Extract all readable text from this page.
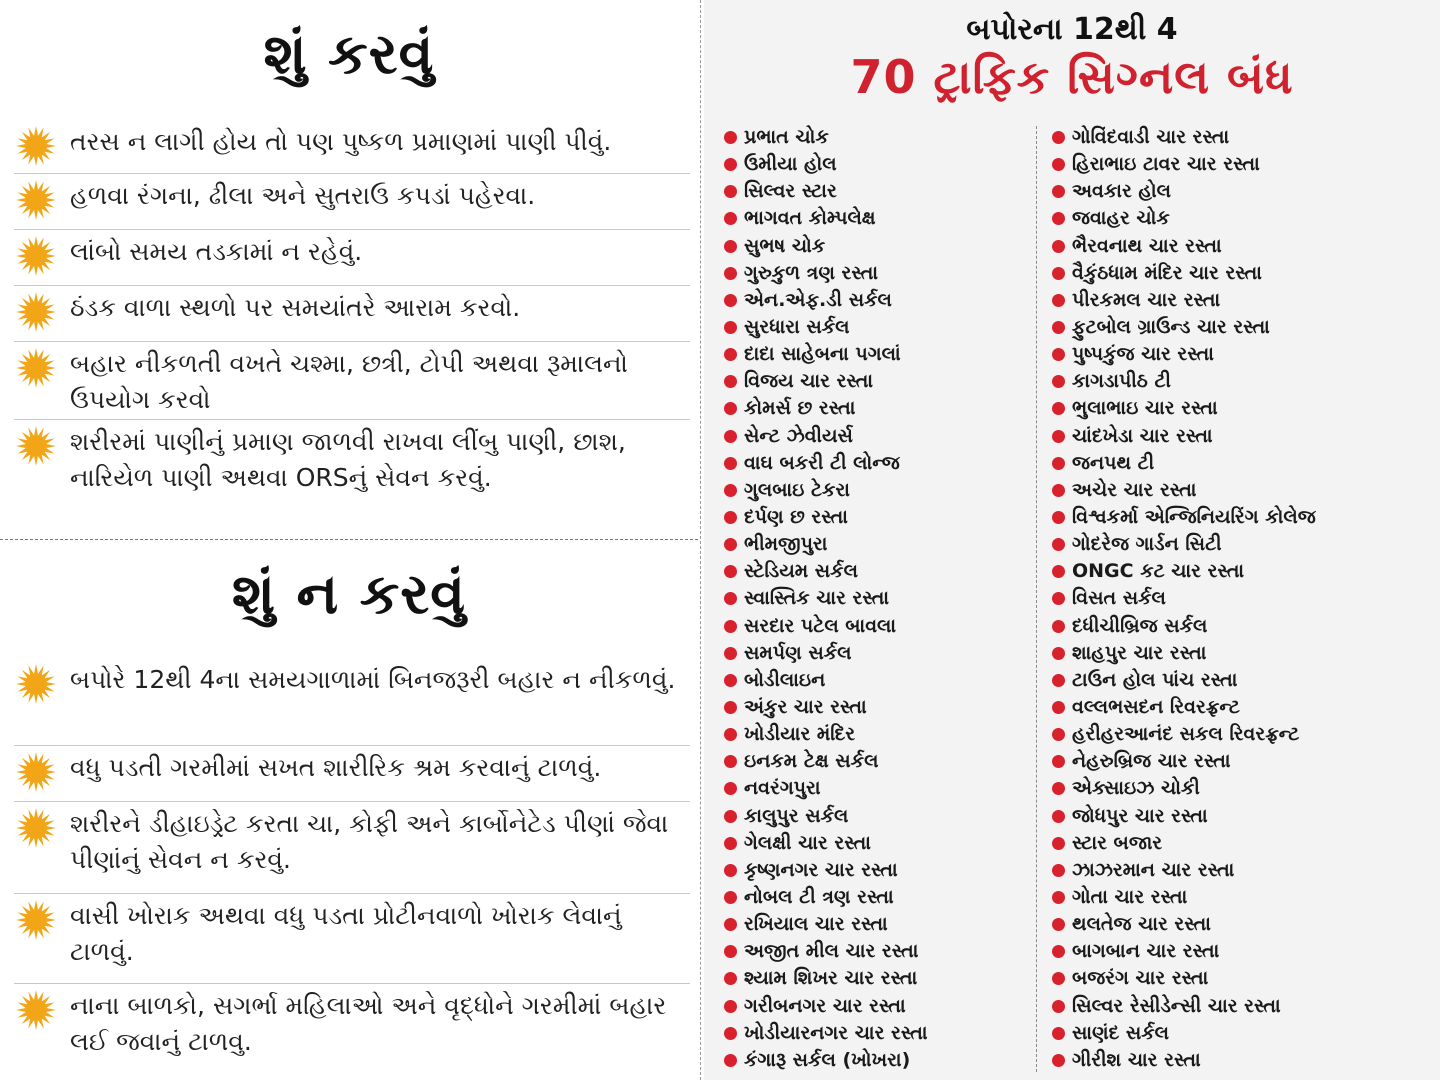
શું કરવું
તરસ ન લાગી હોય તો પણ પુષ્કળ પ્રમાણમાં પાણી પીવું.
હળવા રંગના, ઢીલા અને સુતરાઉ કપડાં પહેરવા.
લાંબો સમય તડકામાં ન રહેવું.
ઠંડક વાળા સ્થળો પર સમયાંતરે આરામ કરવો.
બહાર નીકળતી વખતે ચશ્મા, છત્રી, ટોપી અથવા રૂમાલનો ઉપયોગ કરવો
શરીરમાં પાણીનું પ્રમાણ જાળવી રાખવા લીંબુ પાણી, છાશ, નારિયેળ પાણી અથવા ORSનું સેવન કરવું.
શું ન કરવું
બપોરે 12થી 4ના સમયગાળામાં બિનજરૂરી બહાર ન નીકળવું.
વધુ પડતી ગરમીમાં સખત શારીરિક શ્રમ કરવાનું ટાળવું.
શરીરને ડીહાઇડ્રેટ કરતા ચા, કોફી અને કાર્બોનેટેડ પીણાં જેવા પીણાંનું સેવન ન કરવું.
વાસી ખોરાક અથવા વધુ પડતા પ્રોટીનવાળો ખોરાક લેવાનું ટાળવું.
નાના બાળકો, સગર્ભા મહિલાઓ અને વૃદ્ધોને ગરમીમાં બહાર લઈ જવાનું ટાળવુ.
બપોરના 12થી 4
70 ટ્રાફિક સિગ્નલ બંધ
પ્રભાત ચોક
ઉમીયા હોલ
સિલ્વર સ્ટાર
ભાગવત કોમ્પલેક્ષ
સુભષ ચોક
ગુરુકુળ ત્રણ રસ્તા
એન.એફ.ડી સર્કલ
સુરધારા સર્કલ
દાદા સાહેબના પગલાં
વિજય ચાર રસ્તા
કોમર્સ છ રસ્તા
સેન્ટ ઝેવીયર્સ
વાઘ બકરી ટી લોન્જ
ગુલબાઇ ટેકરા
દર્પણ છ રસ્તા
ભીમજીપુરા
સ્ટેડિયમ સર્કલ
સ્વાસ્તિક ચાર રસ્તા
સરદાર પટેલ બાવલા
સમર્પણ સર્કલ
બોડીલાઇન
અંકુર ચાર રસ્તા
ખોડીયાર મંદિર
ઇનકમ ટેક્ષ સર્કલ
નવરંગપુરા
કાલુપુર સર્કલ
ગેલક્ષી ચાર રસ્તા
કૃષ્ણનગર ચાર રસ્તા
નોબલ ટી ત્રણ રસ્તા
રખિયાલ ચાર રસ્તા
અજીત મીલ ચાર રસ્તા
શ્યામ શિખર ચાર રસ્તા
ગરીબનગર ચાર રસ્તા
ખોડીયારનગર ચાર રસ્તા
કંગારૂ સર્કલ (ખોખરા)
ગોવિંદવાડી ચાર રસ્તા
હિરાભાઇ ટાવર ચાર રસ્તા
અવકાર હોલ
જવાહર ચોક
ભૈરવનાથ ચાર રસ્તા
વૈકુંઠધામ મંદિર ચાર રસ્તા
પીરકમલ ચાર રસ્તા
ફુટબોલ ગ્રાઉન્ડ ચાર રસ્તા
પુષ્પકુંજ ચાર રસ્તા
કાગડાપીઠ ટી
ભુલાભાઇ ચાર રસ્તા
ચાંદખેડા ચાર રસ્તા
જનપથ ટી
અચેર ચાર રસ્તા
વિશ્વકર્મા એન્જિનિયરિંગ કોલેજ
ગોદરેજ ગાર્ડન સિટી
ONGC કટ ચાર રસ્તા
વિસત સર્કલ
દધીચીબ્રિજ સર્કલ
શાહપુર ચાર રસ્તા
ટાઉન હોલ પાંચ રસ્તા
વલ્લભસદન રિવરફ્રન્ટ
હરીહરઆનંદ સકલ રિવરફ્રન્ટ
નેહરુબ્રિજ ચાર રસ્તા
એક્સાઇઝ ચોકી
જોધપુર ચાર રસ્તા
સ્ટાર બજાર
ઝાઝરમાન ચાર રસ્તા
ગોતા ચાર રસ્તા
થલતેજ ચાર રસ્તા
બાગબાન ચાર રસ્તા
બજરંગ ચાર રસ્તા
સિલ્વર રેસીડેન્સી ચાર રસ્તા
સાણંદ સર્કલ
ગીરીશ ચાર રસ્તા
